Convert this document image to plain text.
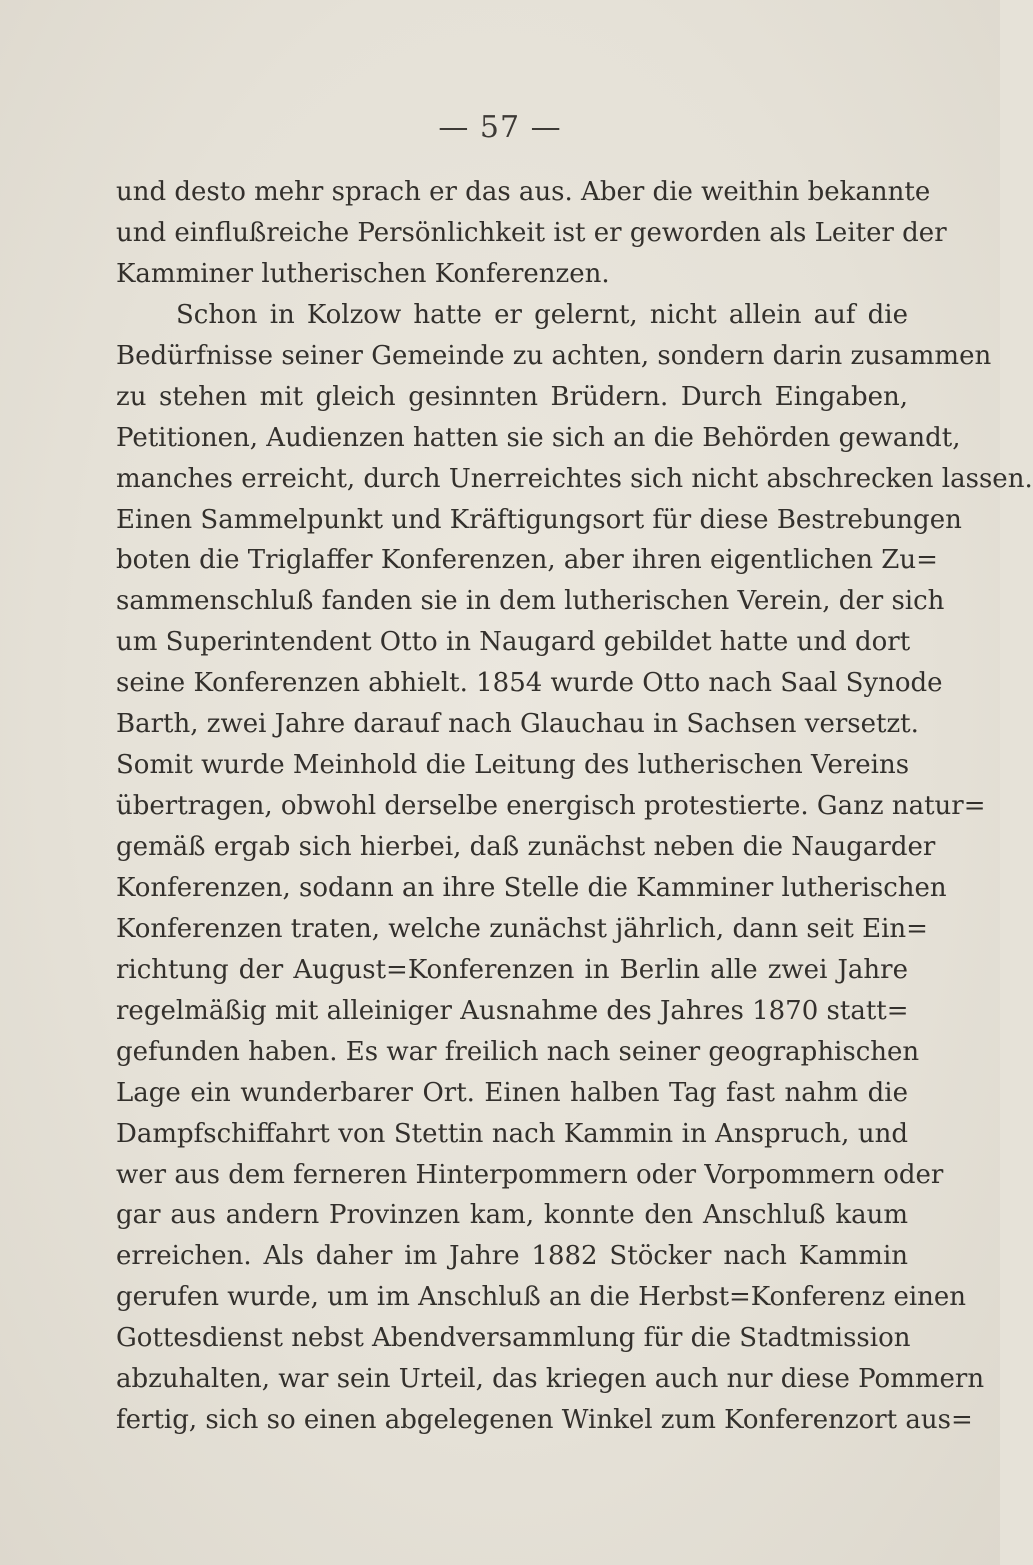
— 57 —
und desto mehr sprach er das aus. Aber die weithin bekannte
und einflußreiche Persönlichkeit ist er geworden als Leiter der
Kamminer lutherischen Konferenzen.
Schon in Kolzow hatte er gelernt, nicht allein auf die
Bedürfnisse seiner Gemeinde zu achten, sondern darin zusammen
zu stehen mit gleich gesinnten Brüdern. Durch Eingaben,
Petitionen, Audienzen hatten sie sich an die Behörden gewandt,
manches erreicht, durch Unerreichtes sich nicht abschrecken lassen.
Einen Sammelpunkt und Kräftigungsort für diese Bestrebungen
boten die Triglaffer Konferenzen, aber ihren eigentlichen Zu=
sammenschluß fanden sie in dem lutherischen Verein, der sich
um Superintendent Otto in Naugard gebildet hatte und dort
seine Konferenzen abhielt. 1854 wurde Otto nach Saal Synode
Barth, zwei Jahre darauf nach Glauchau in Sachsen versetzt.
Somit wurde Meinhold die Leitung des lutherischen Vereins
übertragen, obwohl derselbe energisch protestierte. Ganz natur=
gemäß ergab sich hierbei, daß zunächst neben die Naugarder
Konferenzen, sodann an ihre Stelle die Kamminer lutherischen
Konferenzen traten, welche zunächst jährlich, dann seit Ein=
richtung der August=Konferenzen in Berlin alle zwei Jahre
regelmäßig mit alleiniger Ausnahme des Jahres 1870 statt=
gefunden haben. Es war freilich nach seiner geographischen
Lage ein wunderbarer Ort. Einen halben Tag fast nahm die
Dampfschiffahrt von Stettin nach Kammin in Anspruch, und
wer aus dem ferneren Hinterpommern oder Vorpommern oder
gar aus andern Provinzen kam, konnte den Anschluß kaum
erreichen. Als daher im Jahre 1882 Stöcker nach Kammin
gerufen wurde, um im Anschluß an die Herbst=Konferenz einen
Gottesdienst nebst Abendversammlung für die Stadtmission
abzuhalten, war sein Urteil, das kriegen auch nur diese Pommern
fertig, sich so einen abgelegenen Winkel zum Konferenzort aus=
